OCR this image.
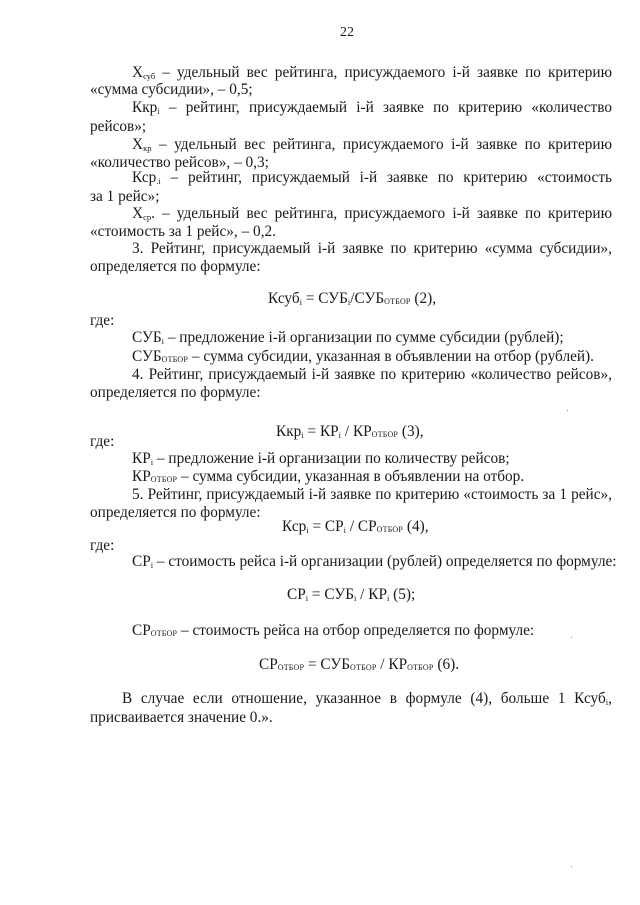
22
$Х_{суб}$ – удельный вес рейтинга, присуждаемого i-й заявке по критерию
«сумма субсидии», – 0,5;
Ккр$_i$ – рейтинг, присуждаемый i-й заявке по критерию «количество
рейсов»;
$Х_{кр}$ – удельный вес рейтинга, присуждаемого i-й заявке по критерию
«количество рейсов», – 0,3;
Кср$_{.i}$ – рейтинг, присуждаемый i-й заявке по критерию «стоимость
за 1 рейс»;
$Х_{ср}$. – удельный вес рейтинга, присуждаемого i-й заявке по критерию
«стоимость за 1 рейс», – 0,2.
3. Рейтинг, присуждаемый i-й заявке по критерию «сумма субсидии»,
определяется по формуле:
Ксуб$_i$ = $СУБ_i$/СУБОТБОР (2),
где:
$СУБ_i$ – предложение i-й организации по сумме субсидии (рублей);
СУБОТБОР – сумма субсидии, указанная в объявлении на отбор (рублей).
4. Рейтинг, присуждаемый i-й заявке по критерию «количество рейсов»,
определяется по формуле:
$Ккр_i = КР_i$ / КРОТБОР (3),
где:
$КР_i$ – предложение i-й организации по количеству рейсов;
КРОТБОР – сумма субсидии, указанная в объявлении на отбор.
5. Рейтинг, присуждаемый i-й заявке по критерию «стоимость за 1 рейс»,
определяется по формуле:
$Кср_i = СР_i$ / СРОТБОР (4),
где:
$СР_i$ – стоимость рейса i-й организации (рублей) определяется по формуле:
$СР_i = СУБ_i / КР_i$ (5);
СРОТБОР – стоимость рейса на отбор определяется по формуле:
СРОТБОР = СУБОТБОР / КРОТБОР (6).
В случае если отношение, указанное в формуле (4), больше 1 Ксуб$_i$,
присваивается значение 0.».
